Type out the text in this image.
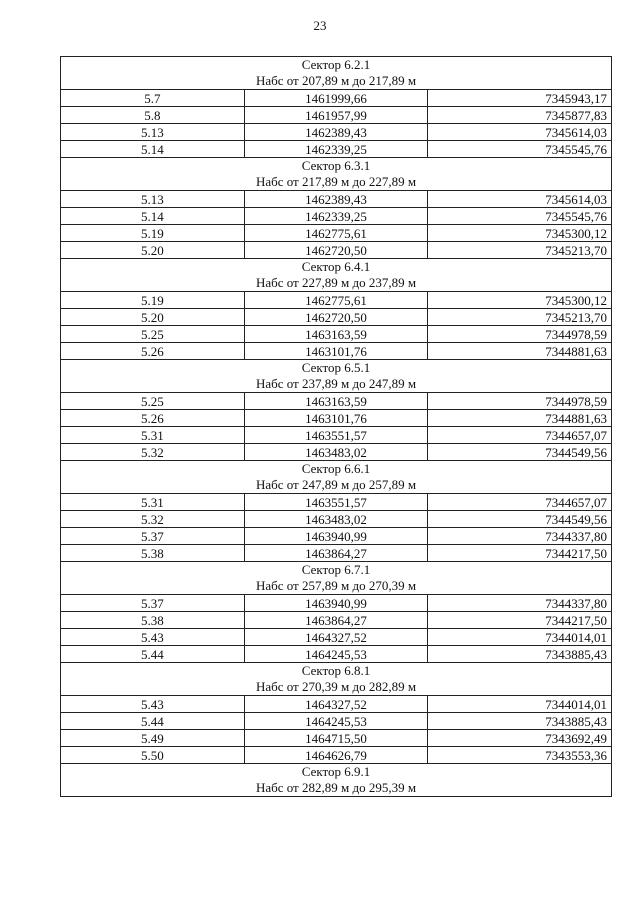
23
Сектор 6.2.1
Набс от 207,89 м до 217,89 м		

5.7	1461999,66	7345943,17
5.8	1461957,99	7345877,83
5.13	1462389,43	7345614,03
5.14	1462339,25	7345545,76

Сектор 6.3.1
Набс от 217,89 м до 227,89 м		

5.13	1462389,43	7345614,03
5.14	1462339,25	7345545,76
5.19	1462775,61	7345300,12
5.20	1462720,50	7345213,70

Сектор 6.4.1
Набс от 227,89 м до 237,89 м		

5.19	1462775,61	7345300,12
5.20	1462720,50	7345213,70
5.25	1463163,59	7344978,59
5.26	1463101,76	7344881,63

Сектор 6.5.1
Набс от 237,89 м до 247,89 м		

5.25	1463163,59	7344978,59
5.26	1463101,76	7344881,63
5.31	1463551,57	7344657,07
5.32	1463483,02	7344549,56

Сектор 6.6.1
Набс от 247,89 м до 257,89 м		

5.31	1463551,57	7344657,07
5.32	1463483,02	7344549,56
5.37	1463940,99	7344337,80
5.38	1463864,27	7344217,50

Сектор 6.7.1
Набс от 257,89 м до 270,39 м		

5.37	1463940,99	7344337,80
5.38	1463864,27	7344217,50
5.43	1464327,52	7344014,01
5.44	1464245,53	7343885,43

Сектор 6.8.1
Набс от 270,39 м до 282,89 м		

5.43	1464327,52	7344014,01
5.44	1464245,53	7343885,43
5.49	1464715,50	7343692,49
5.50	1464626,79	7343553,36

Сектор 6.9.1
Набс от 282,89 м до 295,39 м		
